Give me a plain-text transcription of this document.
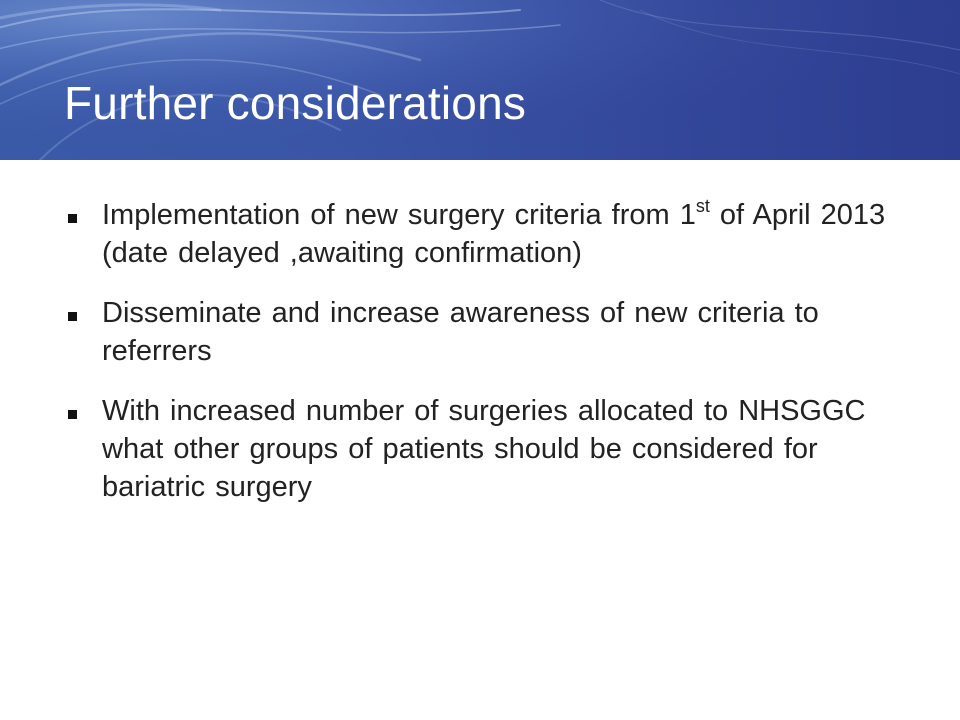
Further considerations
Implementation of new surgery criteria from 1st of April 2013 (date delayed ,awaiting confirmation)
Disseminate and increase awareness of new criteria to referrers
With increased number of surgeries allocated to NHSGGC what other groups of patients should be considered for bariatric surgery
